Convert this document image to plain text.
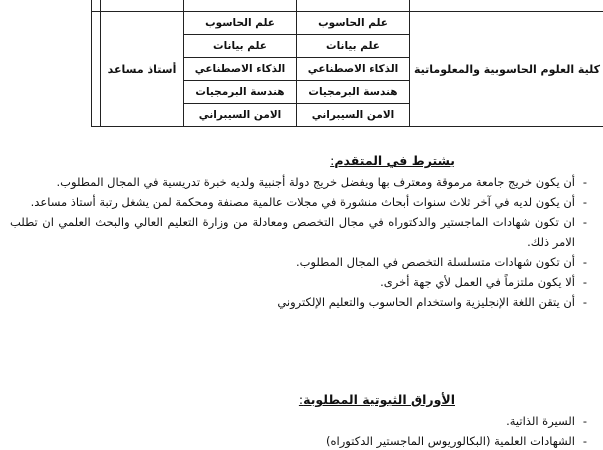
كلية العلوم الحاسوبية والمعلوماتية	علم الحاسوب	علم الحاسوب	أستاذ مساعد	
	علم بيانات	علم بيانات		
	الذكاء الاصطناعي	الذكاء الاصطناعي		
	هندسة البرمجيات	هندسة البرمجيات		
	الامن السيبراني	الامن السيبراني		
يشترط في المتقدم:
-
أن يكون خريج جامعة مرموقة ومعترف بها ويفضل خريج دولة أجنبية ولديه خبرة تدريسية في المجال المطلوب.
-
أن يكون لديه في آخر ثلاث سنوات أبحاث منشورة في مجلات عالمية مصنفة ومحكمة لمن يشغل رتبة أستاذ مساعد.
-
ان تكون شهادات الماجستير والدكتوراه في مجال التخصص ومعادلة من وزارة التعليم العالي والبحث العلمي ان تطلب الامر ذلك.
-
أن تكون شهادات متسلسلة التخصص في المجال المطلوب.
-
ألا يكون ملتزماً في العمل لأي جهة أخرى.
-
أن يتقن اللغة الإنجليزية واستخدام الحاسوب والتعليم الإلكتروني
الأوراق الثبوتية المطلوبة:
-
السيرة الذاتية.
-
الشهادات العلمية (البكالوريوس الماجستير الدكتوراه)
